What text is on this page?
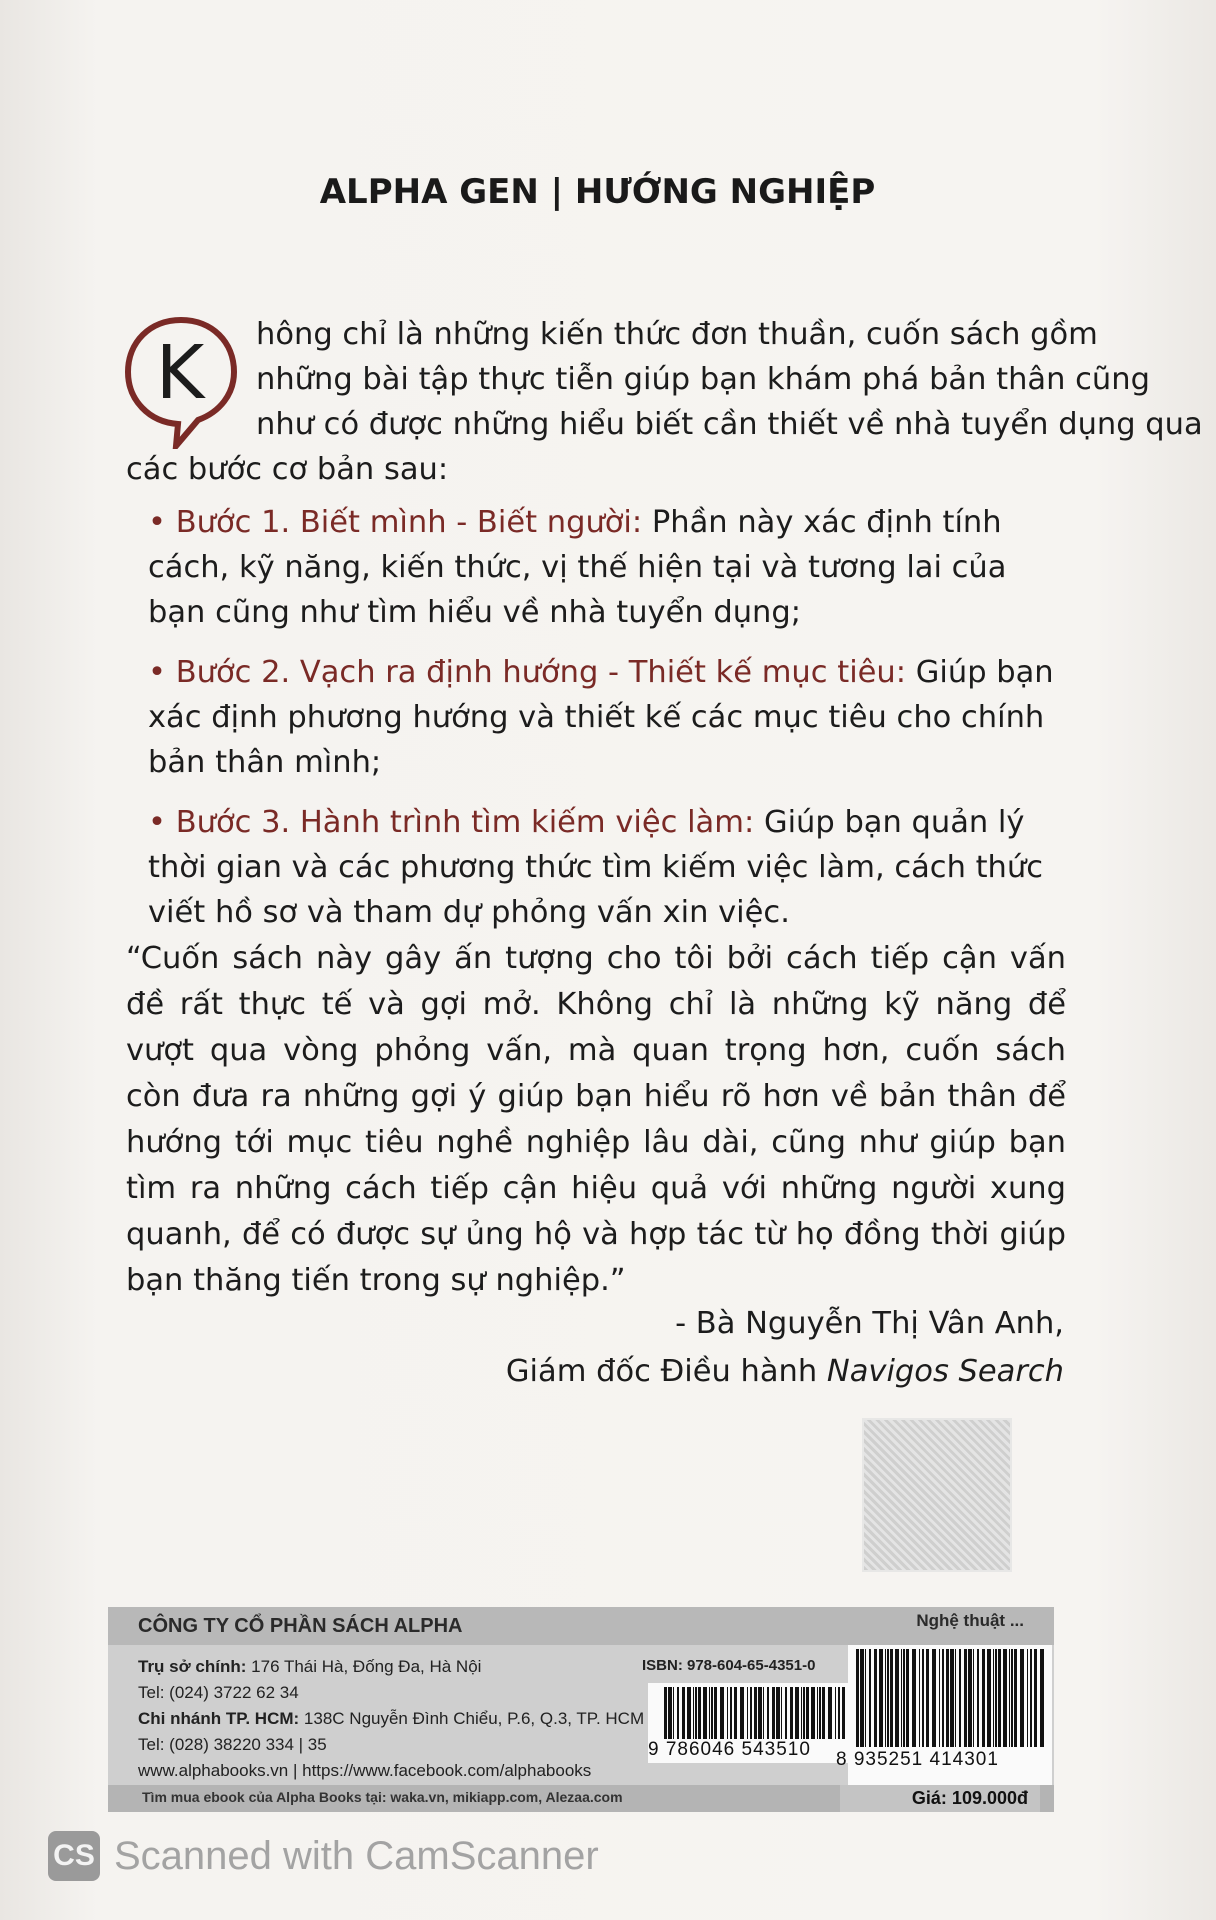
ALPHA GEN | HƯỚNG NGHIỆP
K	hông chỉ là những kiến thức đơn thuần, cuốn sách gồm
những bài tập thực tiễn giúp bạn khám phá bản thân cũng
như có được những hiểu biết cần thiết về nhà tuyển dụng qua
các bước cơ bản sau:
• Bước 1. Biết mình - Biết người: Phần này xác định tính cách, kỹ năng, kiến thức, vị thế hiện tại và tương lai của bạn cũng như tìm hiểu về nhà tuyển dụng;
• Bước 2. Vạch ra định hướng - Thiết kế mục tiêu: Giúp bạn xác định phương hướng và thiết kế các mục tiêu cho chính bản thân mình;
• Bước 3. Hành trình tìm kiếm việc làm: Giúp bạn quản lý thời gian và các phương thức tìm kiếm việc làm, cách thức viết hồ sơ và tham dự phỏng vấn xin việc.
“Cuốn sách này gây ấn tượng cho tôi bởi cách tiếp cận vấn đề rất thực tế và gợi mở. Không chỉ là những kỹ năng để vượt qua vòng phỏng vấn, mà quan trọng hơn, cuốn sách còn đưa ra những gợi ý giúp bạn hiểu rõ hơn về bản thân để hướng tới mục tiêu nghề nghiệp lâu dài, cũng như giúp bạn tìm ra những cách tiếp cận hiệu quả với những người xung quanh, để có được sự ủng hộ và hợp tác từ họ đồng thời giúp bạn thăng tiến trong sự nghiệp.”
- Bà Nguyễn Thị Vân Anh,
Giám đốc Điều hành Navigos Search
CÔNG TY CỔ PHẦN SÁCH ALPHA	Nghệ thuật ...
Trụ sở chính: 176 Thái Hà, Đống Đa, Hà Nội
Tel: (024) 3722 62 34
Chi nhánh TP. HCM: 138C Nguyễn Đình Chiểu, P.6, Q.3, TP. HCM
Tel: (028) 38220 334 | 35
www.alphabooks.vn | https://www.facebook.com/alphabooks
ISBN: 978-604-65-4351-0
9 786046 543510 8 935251 414301
Tìm mua ebook của Alpha Books tại: waka.vn, mikiapp.com, Alezaa.com	Giá: 109.000đ
CS Scanned with CamScanner
